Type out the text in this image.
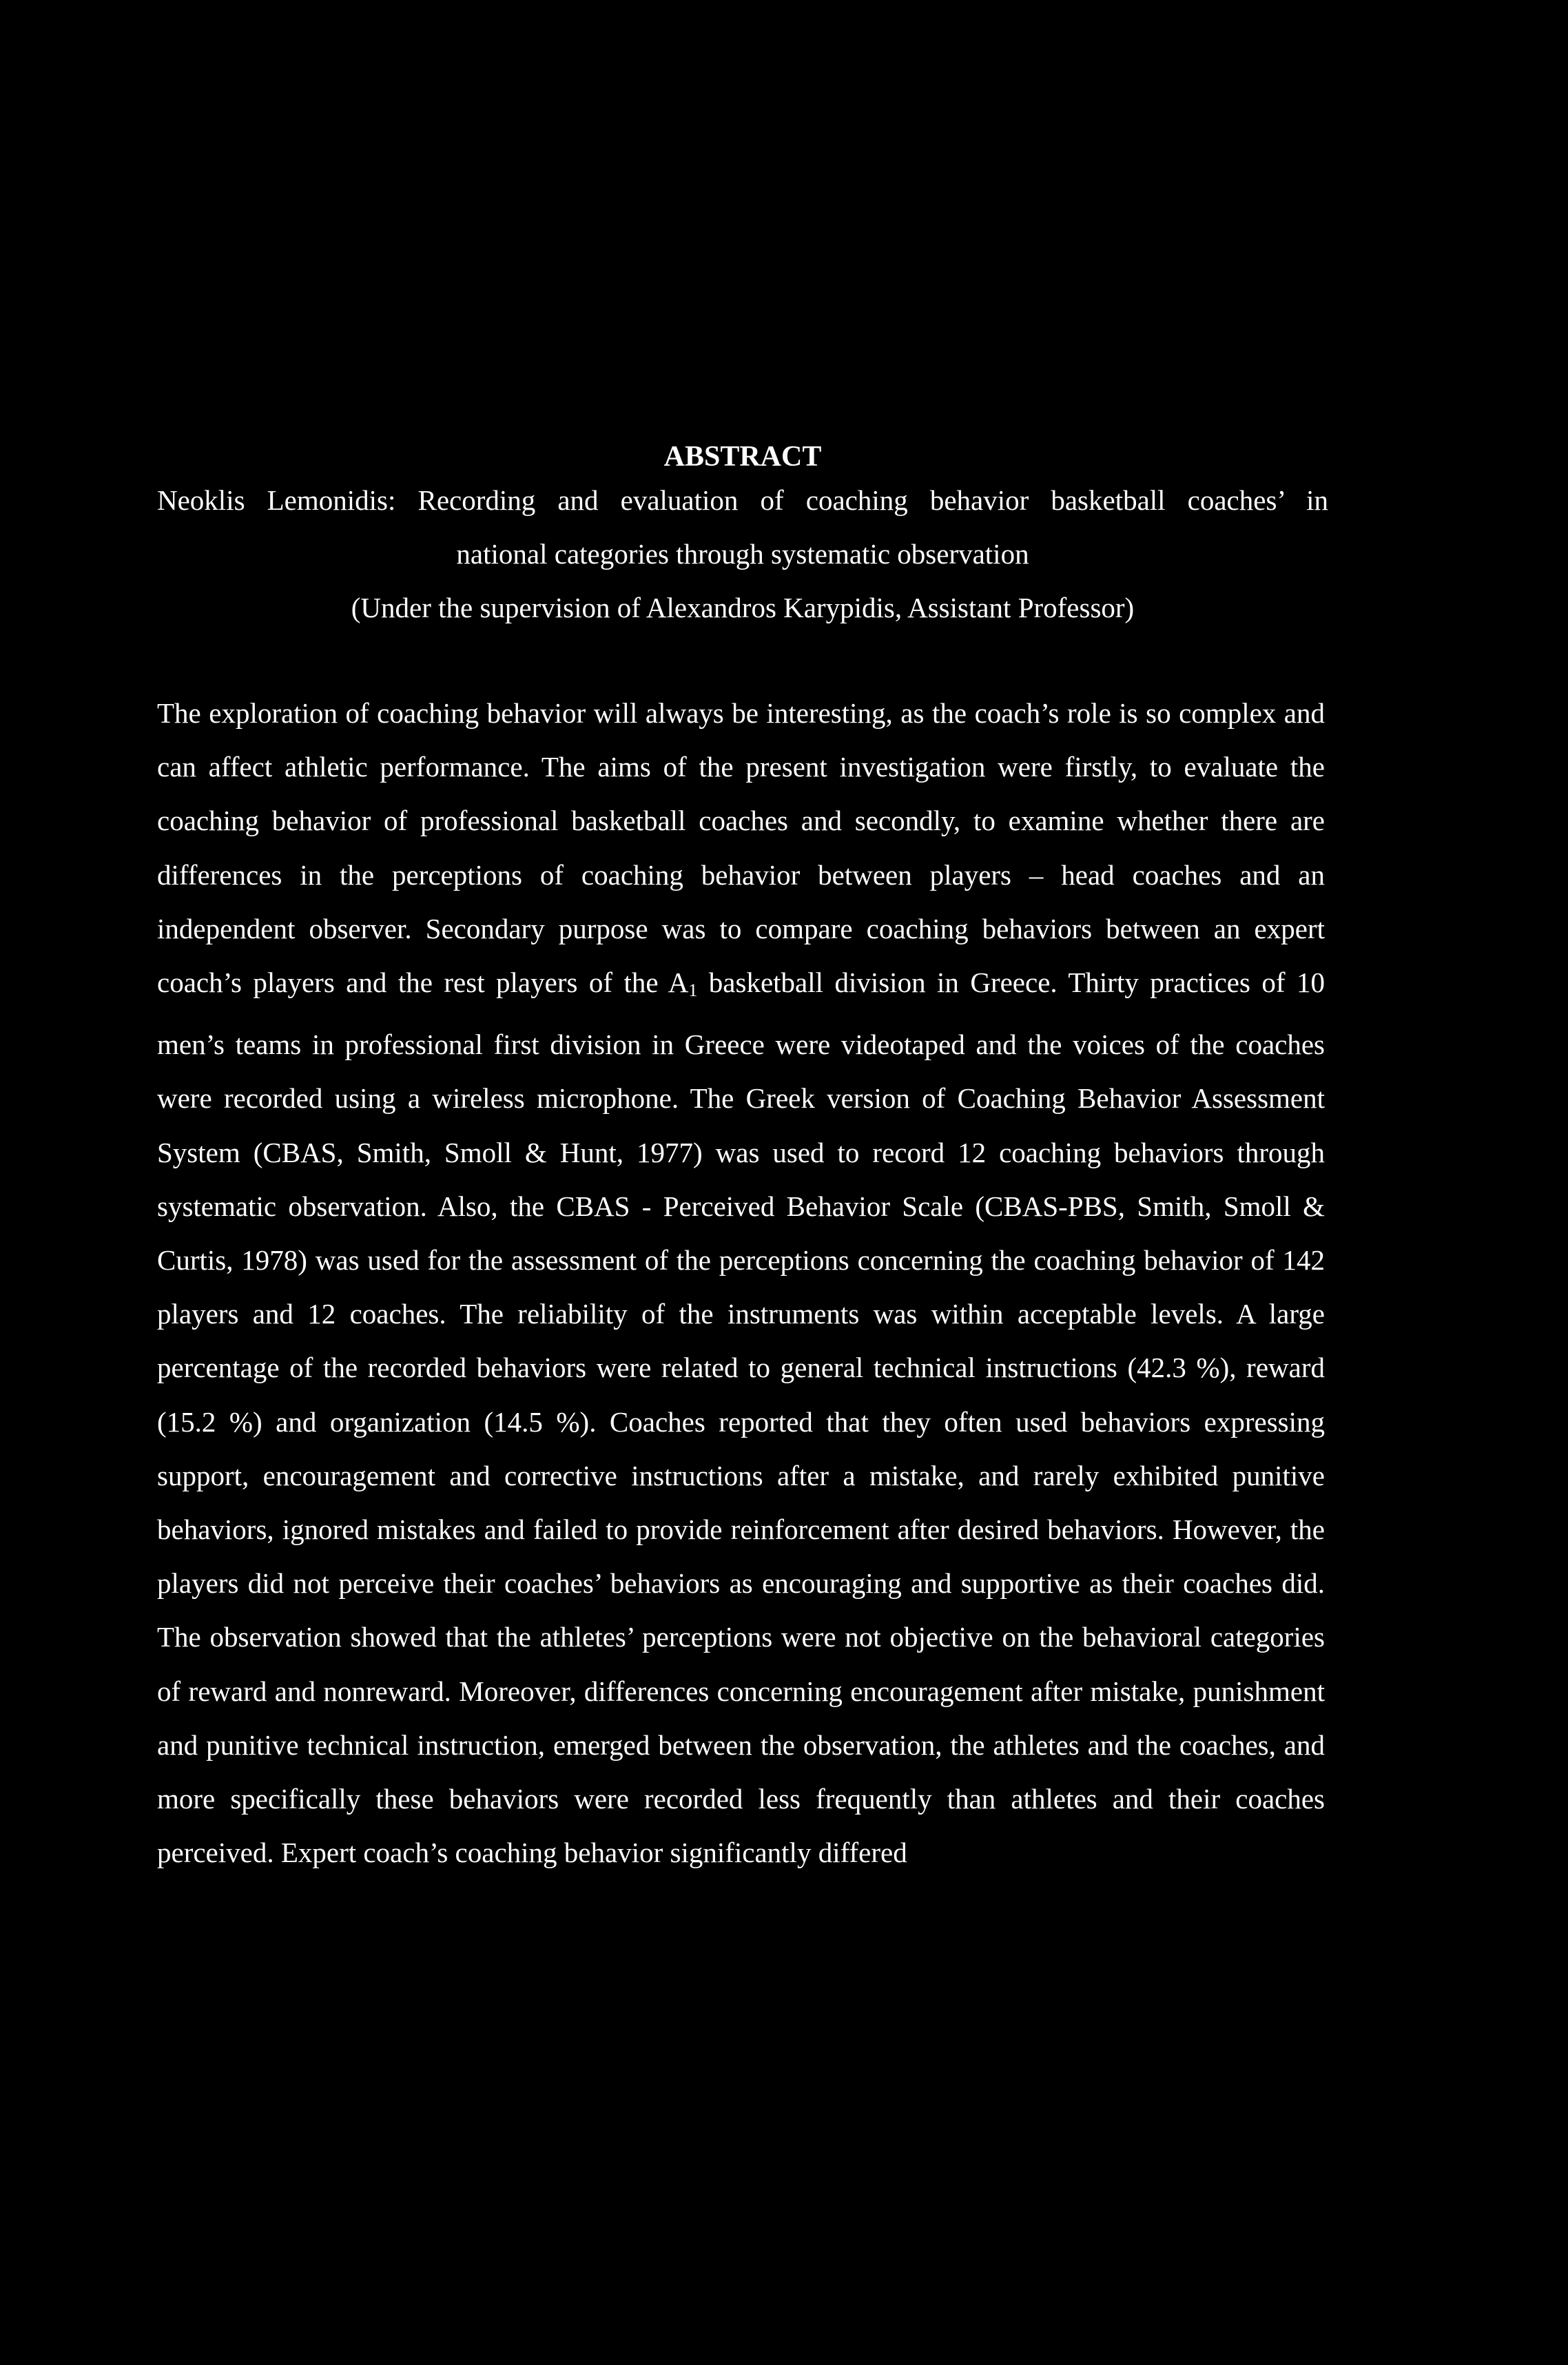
ABSTRACT
Neoklis Lemonidis: Recording and evaluation of coaching behavior basketball coaches’ in
national categories through systematic observation
(Under the supervision of Alexandros Karypidis, Assistant Professor)

The exploration of coaching behavior will always be interesting, as the coach’s role is so complex and can affect athletic performance. The aims of the present investigation were firstly, to evaluate the coaching behavior of professional basketball coaches and secondly, to examine whether there are differences in the perceptions of coaching behavior between players – head coaches and an independent observer. Secondary purpose was to compare coaching behaviors between an expert coach’s players and the rest players of the $A_1$ basketball division in Greece. Thirty practices of 10 men’s teams in professional first division in Greece were videotaped and the voices of the coaches were recorded using a wireless microphone. The Greek version of Coaching Behavior Assessment System (CBAS, Smith, Smoll & Hunt, 1977) was used to record 12 coaching behaviors through systematic observation. Also, the CBAS - Perceived Behavior Scale (CBAS-PBS, Smith, Smoll & Curtis, 1978) was used for the assessment of the perceptions concerning the coaching behavior of 142 players and 12 coaches. The reliability of the instruments was within acceptable levels. A large percentage of the recorded behaviors were related to general technical instructions (42.3 %), reward (15.2 %) and organization (14.5 %). Coaches reported that they often used behaviors expressing support, encouragement and corrective instructions after a mistake, and rarely exhibited punitive behaviors, ignored mistakes and failed to provide reinforcement after desired behaviors. However, the players did not perceive their coaches’ behaviors as encouraging and supportive as their coaches did. The observation showed that the athletes’ perceptions were not objective on the behavioral categories of reward and nonreward. Moreover, differences concerning encouragement after mistake, punishment and punitive technical instruction, emerged between the observation, the athletes and the coaches, and more specifically these behaviors were recorded less frequently than athletes and their coaches perceived. Expert coach’s coaching behavior significantly differed
